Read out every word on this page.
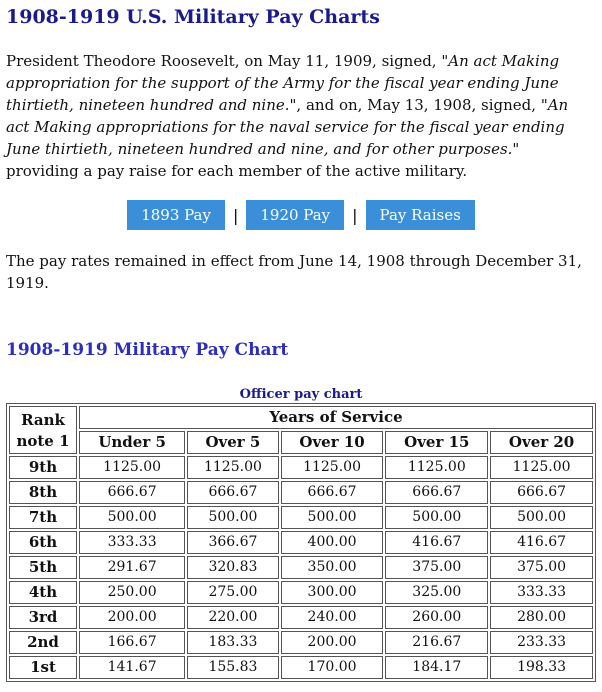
1908-1919 U.S. Military Pay Charts

President Theodore Roosevelt, on May 11, 1909, signed, "An act Making appropriation for the support of the Army for the fiscal year ending June thirtieth, nineteen hundred and nine.", and on, May 13, 1908, signed, "An act Making appropriations for the naval service for the fiscal year ending June thirtieth, nineteen hundred and nine, and for other purposes." providing a pay raise for each member of the active military.

1893 Pay	|	1920 Pay	|	Pay Raises

The pay rates remained in effect from June 14, 1908 through December 31, 1919.

1908-1919 Military Pay Chart
Officer pay chart
Rank
note 1	Years of Service				
	Under 5	Over 5	Over 10	Over 15	Over 20
9th	1125.00	1125.00	1125.00	1125.00	1125.00
8th	666.67	666.67	666.67	666.67	666.67
7th	500.00	500.00	500.00	500.00	500.00
6th	333.33	366.67	400.00	416.67	416.67
5th	291.67	320.83	350.00	375.00	375.00
4th	250.00	275.00	300.00	325.00	333.33
3rd	200.00	220.00	240.00	260.00	280.00
2nd	166.67	183.33	200.00	216.67	233.33
1st	141.67	155.83	170.00	184.17	198.33
